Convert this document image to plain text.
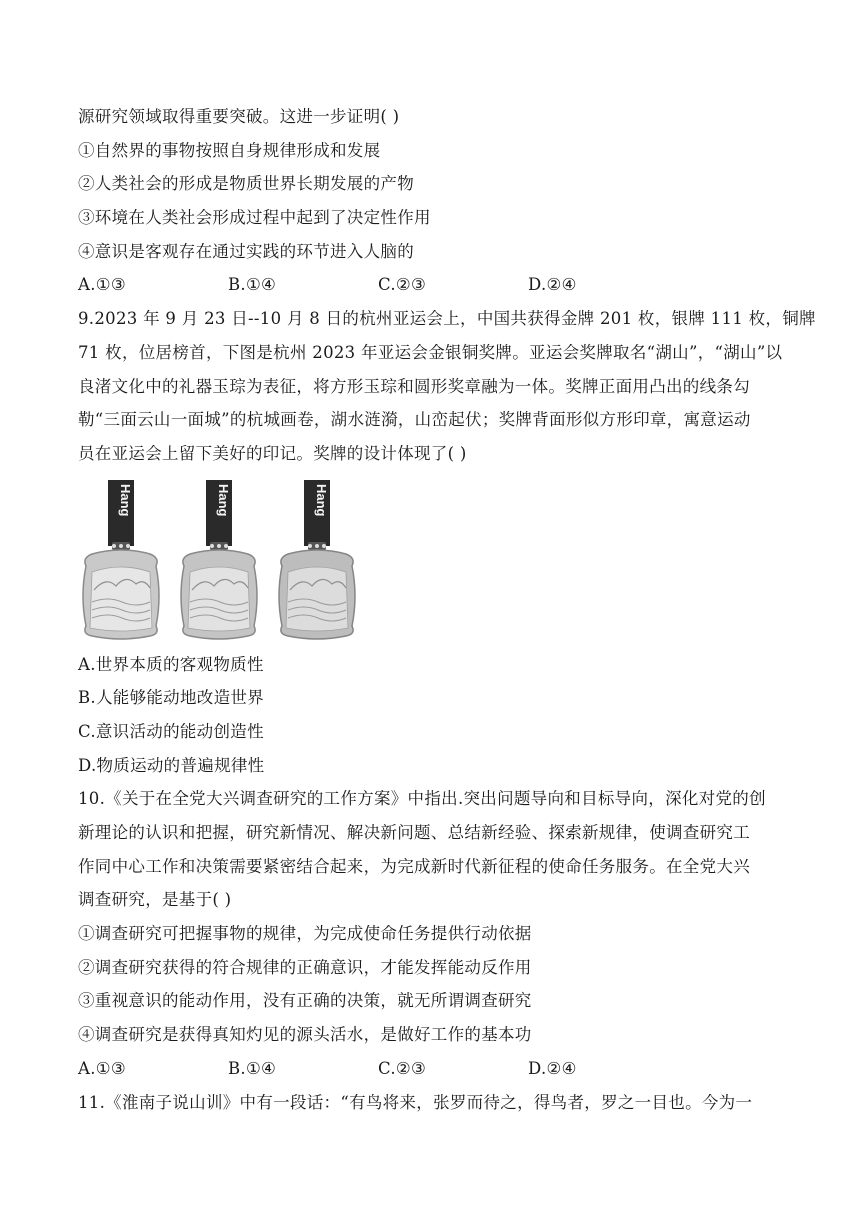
源研究领域取得重要突破。这进一步证明( )
①自然界的事物按照自身规律形成和发展
②人类社会的形成是物质世界长期发展的产物
③环境在人类社会形成过程中起到了决定性作用
④意识是客观存在通过实践的环节进入人脑的
A.①③	B.①④	C.②③	D.②④
9.2023 年 9 月 23 日--10 月 8 日的杭州亚运会上，中国共获得金牌 201 枚，银牌 111 枚，铜牌
71 枚，位居榜首，下图是杭州 2023 年亚运会金银铜奖牌。亚运会奖牌取名“湖山”，“湖山”以
良渚文化中的礼器玉琮为表征，将方形玉琮和圆形奖章融为一体。奖牌正面用凸出的线条勾
勒“三面云山一面城”的杭城画卷，湖水涟漪，山峦起伏；奖牌背面形似方形印章，寓意运动
员在亚运会上留下美好的印记。奖牌的设计体现了( )
Hang	Hang	Hang
A.世界本质的客观物质性
B.人能够能动地改造世界
C.意识活动的能动创造性
D.物质运动的普遍规律性
10.《关于在全党大兴调查研究的工作方案》中指出.突出问题导向和目标导向，深化对党的创
新理论的认识和把握，研究新情况、解决新问题、总结新经验、探索新规律，使调查研究工
作同中心工作和决策需要紧密结合起来，为完成新时代新征程的使命任务服务。在全党大兴
调查研究，是基于( )
①调查研究可把握事物的规律，为完成使命任务提供行动依据
②调查研究获得的符合规律的正确意识，才能发挥能动反作用
③重视意识的能动作用，没有正确的决策，就无所谓调查研究
④调查研究是获得真知灼见的源头活水，是做好工作的基本功
A.①③	B.①④	C.②③	D.②④
11.《淮南子说山训》中有一段话：“有鸟将来，张罗而待之，得鸟者，罗之一目也。今为一
